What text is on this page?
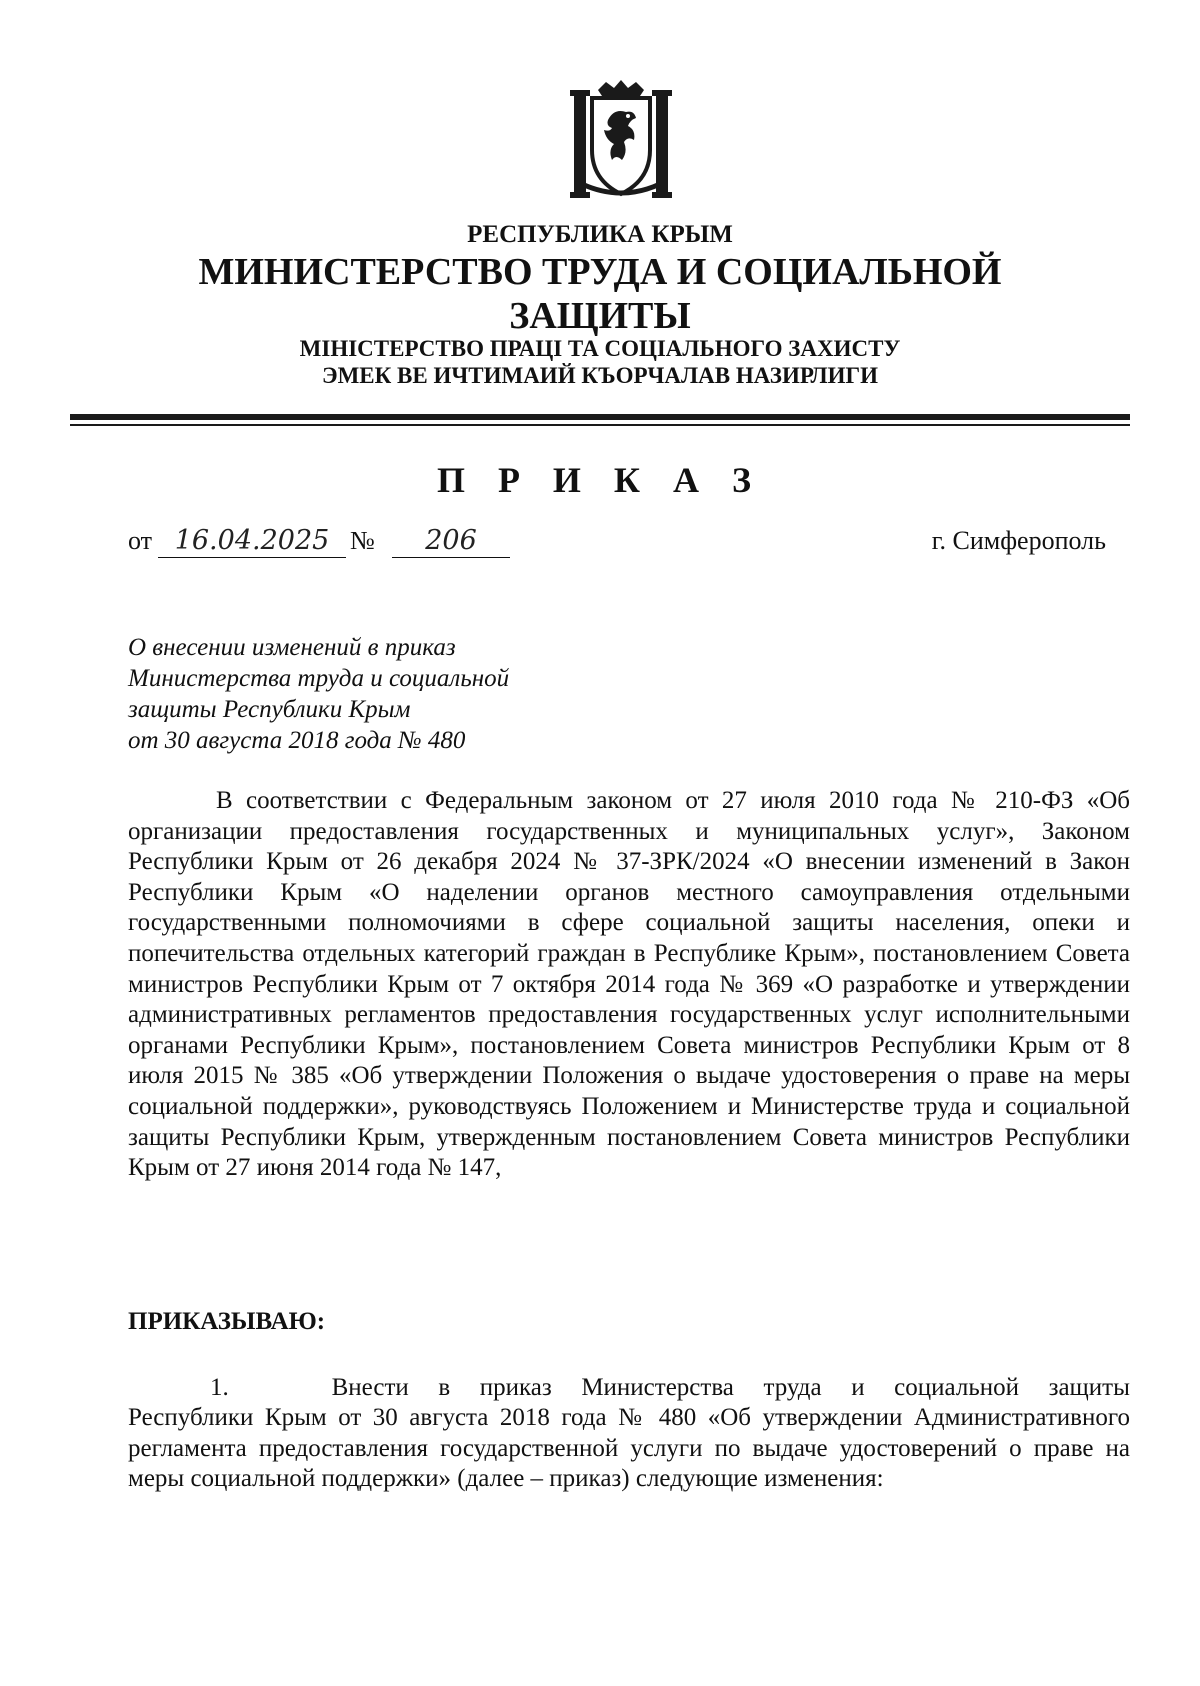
РЕСПУБЛИКА КРЫМ
МИНИСТЕРСТВО ТРУДА И СОЦИАЛЬНОЙ
ЗАЩИТЫ
МІНІСТЕРСТВО ПРАЦІ ТА СОЦІАЛЬНОГО ЗАХИСТУ
ЭМЕК ВЕ ИЧТИМАИЙ КЪОРЧАЛАВ НАЗИРЛИГИ
П Р И К А З
от 16.04.2025 №	206	г. Симферополь
О внесении изменений в приказ
Министерства труда и социальной
защиты Республики Крым
от 30 августа 2018 года № 480
В соответствии с Федеральным законом от 27 июля 2010 года № 210-ФЗ «Об организации предоставления государственных и муниципальных услуг», Законом Республики Крым от 26 декабря 2024 № 37-ЗРК/2024 «О внесении изменений в Закон Республики Крым «О наделении органов местного самоуправления отдельными государственными полномочиями в сфере социальной защиты населения, опеки и попечительства отдельных категорий граждан в Республике Крым», постановлением Совета министров Республики Крым от 7 октября 2014 года № 369 «О разработке и утверждении административных регламентов предоставления государственных услуг исполнительными органами Республики Крым», постановлением Совета министров Республики Крым от 8 июля 2015 № 385 «Об утверждении Положения о выдаче удостоверения о праве на меры социальной поддержки», руководствуясь Положением и Министерстве труда и социальной защиты Республики Крым, утвержденным постановлением Совета министров Республики Крым от 27 июня 2014 года № 147,
ПРИКАЗЫВАЮ:
1.	Внести в приказ Министерства труда и социальной защиты
Республики Крым от 30 августа 2018 года № 480 «Об утверждении Административного регламента предоставления государственной услуги по выдаче удостоверений о праве на меры социальной поддержки» (далее – приказ) следующие изменения:
